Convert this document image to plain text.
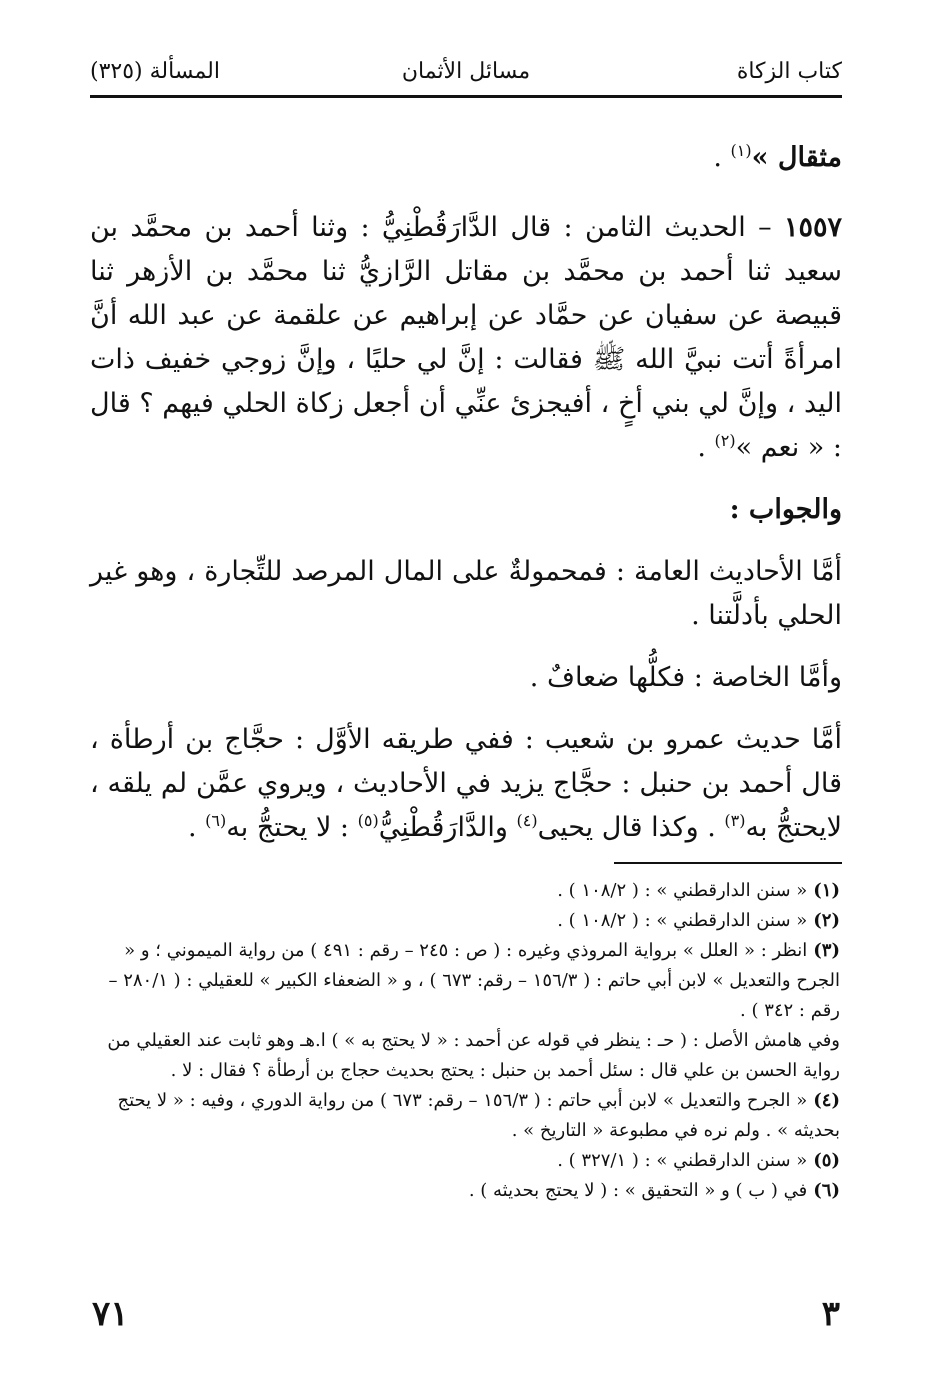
كتاب الزكاة
مسائل الأثمان
المسألة (٣٢٥)

مثقال »$^{(١)}$ .

١٥٥٧ – الحديث الثامن : قال الدَّارَقُطْنِيُّ : وثنا أحمد بن محمَّد بن سعيد ثنا أحمد بن محمَّد بن مقاتل الرَّازيُّ ثنا محمَّد بن الأزهر ثنا قبيصة عن سفيان عن حمَّاد عن إبراهيم عن علقمة عن عبد الله أنَّ امرأةً أتت نبيَّ الله ﷺ فقالت : إنَّ لي حليًا ، وإنَّ زوجي خفيف ذات اليد ، وإنَّ لي بني أخٍ ، أفيجزئ عنِّي أن أجعل زكاة الحلي فيهم ؟ قال : « نعم »$^{(٢)}$ .

والجواب :

أمَّا الأحاديث العامة : فمحمولةٌ على المال المرصد للتِّجارة ، وهو غير الحلي بأدلَّتنا .

وأمَّا الخاصة : فكلُّها ضعافٌ .

أمَّا حديث عمرو بن شعيب : ففي طريقه الأوَّل : حجَّاج بن أرطأة ، قال أحمد بن حنبل : حجَّاج يزيد في الأحاديث ، ويروي عمَّن لم يلقه ، لايحتجُّ به$^{(٣)}$ . وكذا قال يحيى$^{(٤)}$ والدَّارَقُطْنِيُّ$^{(٥)}$ : لا يحتجُّ به$^{(٦)}$ .

(١)« سنن الدارقطني » : ( ١٠٨/٢ ) .

(٢)« سنن الدارقطني » : ( ١٠٨/٢ ) .

(٣)انظر : « العلل » برواية المروذي وغيره : ( ص : ٢٤٥ – رقم : ٤٩١ ) من رواية الميموني ؛ و « الجرح والتعديل » لابن أبي حاتم : ( ١٥٦/٣ – رقم: ٦٧٣ ) ، و « الضعفاء الكبير » للعقيلي : ( ٢٨٠/١ – رقم : ٣٤٢ ) .

وفي هامش الأصل : ( حـ : ينظر في قوله عن أحمد : « لا يحتج به » ) ا.هـ وهو ثابت عند العقيلي من رواية الحسن بن علي قال : سئل أحمد بن حنبل : يحتج بحديث حجاج بن أرطأة ؟ فقال : لا .

(٤)« الجرح والتعديل » لابن أبي حاتم : ( ١٥٦/٣ – رقم: ٦٧٣ ) من رواية الدوري ، وفيه : « لا يحتج بحديثه » . ولم نره في مطبوعة « التاريخ » .

(٥)« سنن الدارقطني » : ( ٣٢٧/١ ) .

(٦)في ( ب ) و « التحقيق » : ( لا يحتج بحديثه ) .

٣
٧١
